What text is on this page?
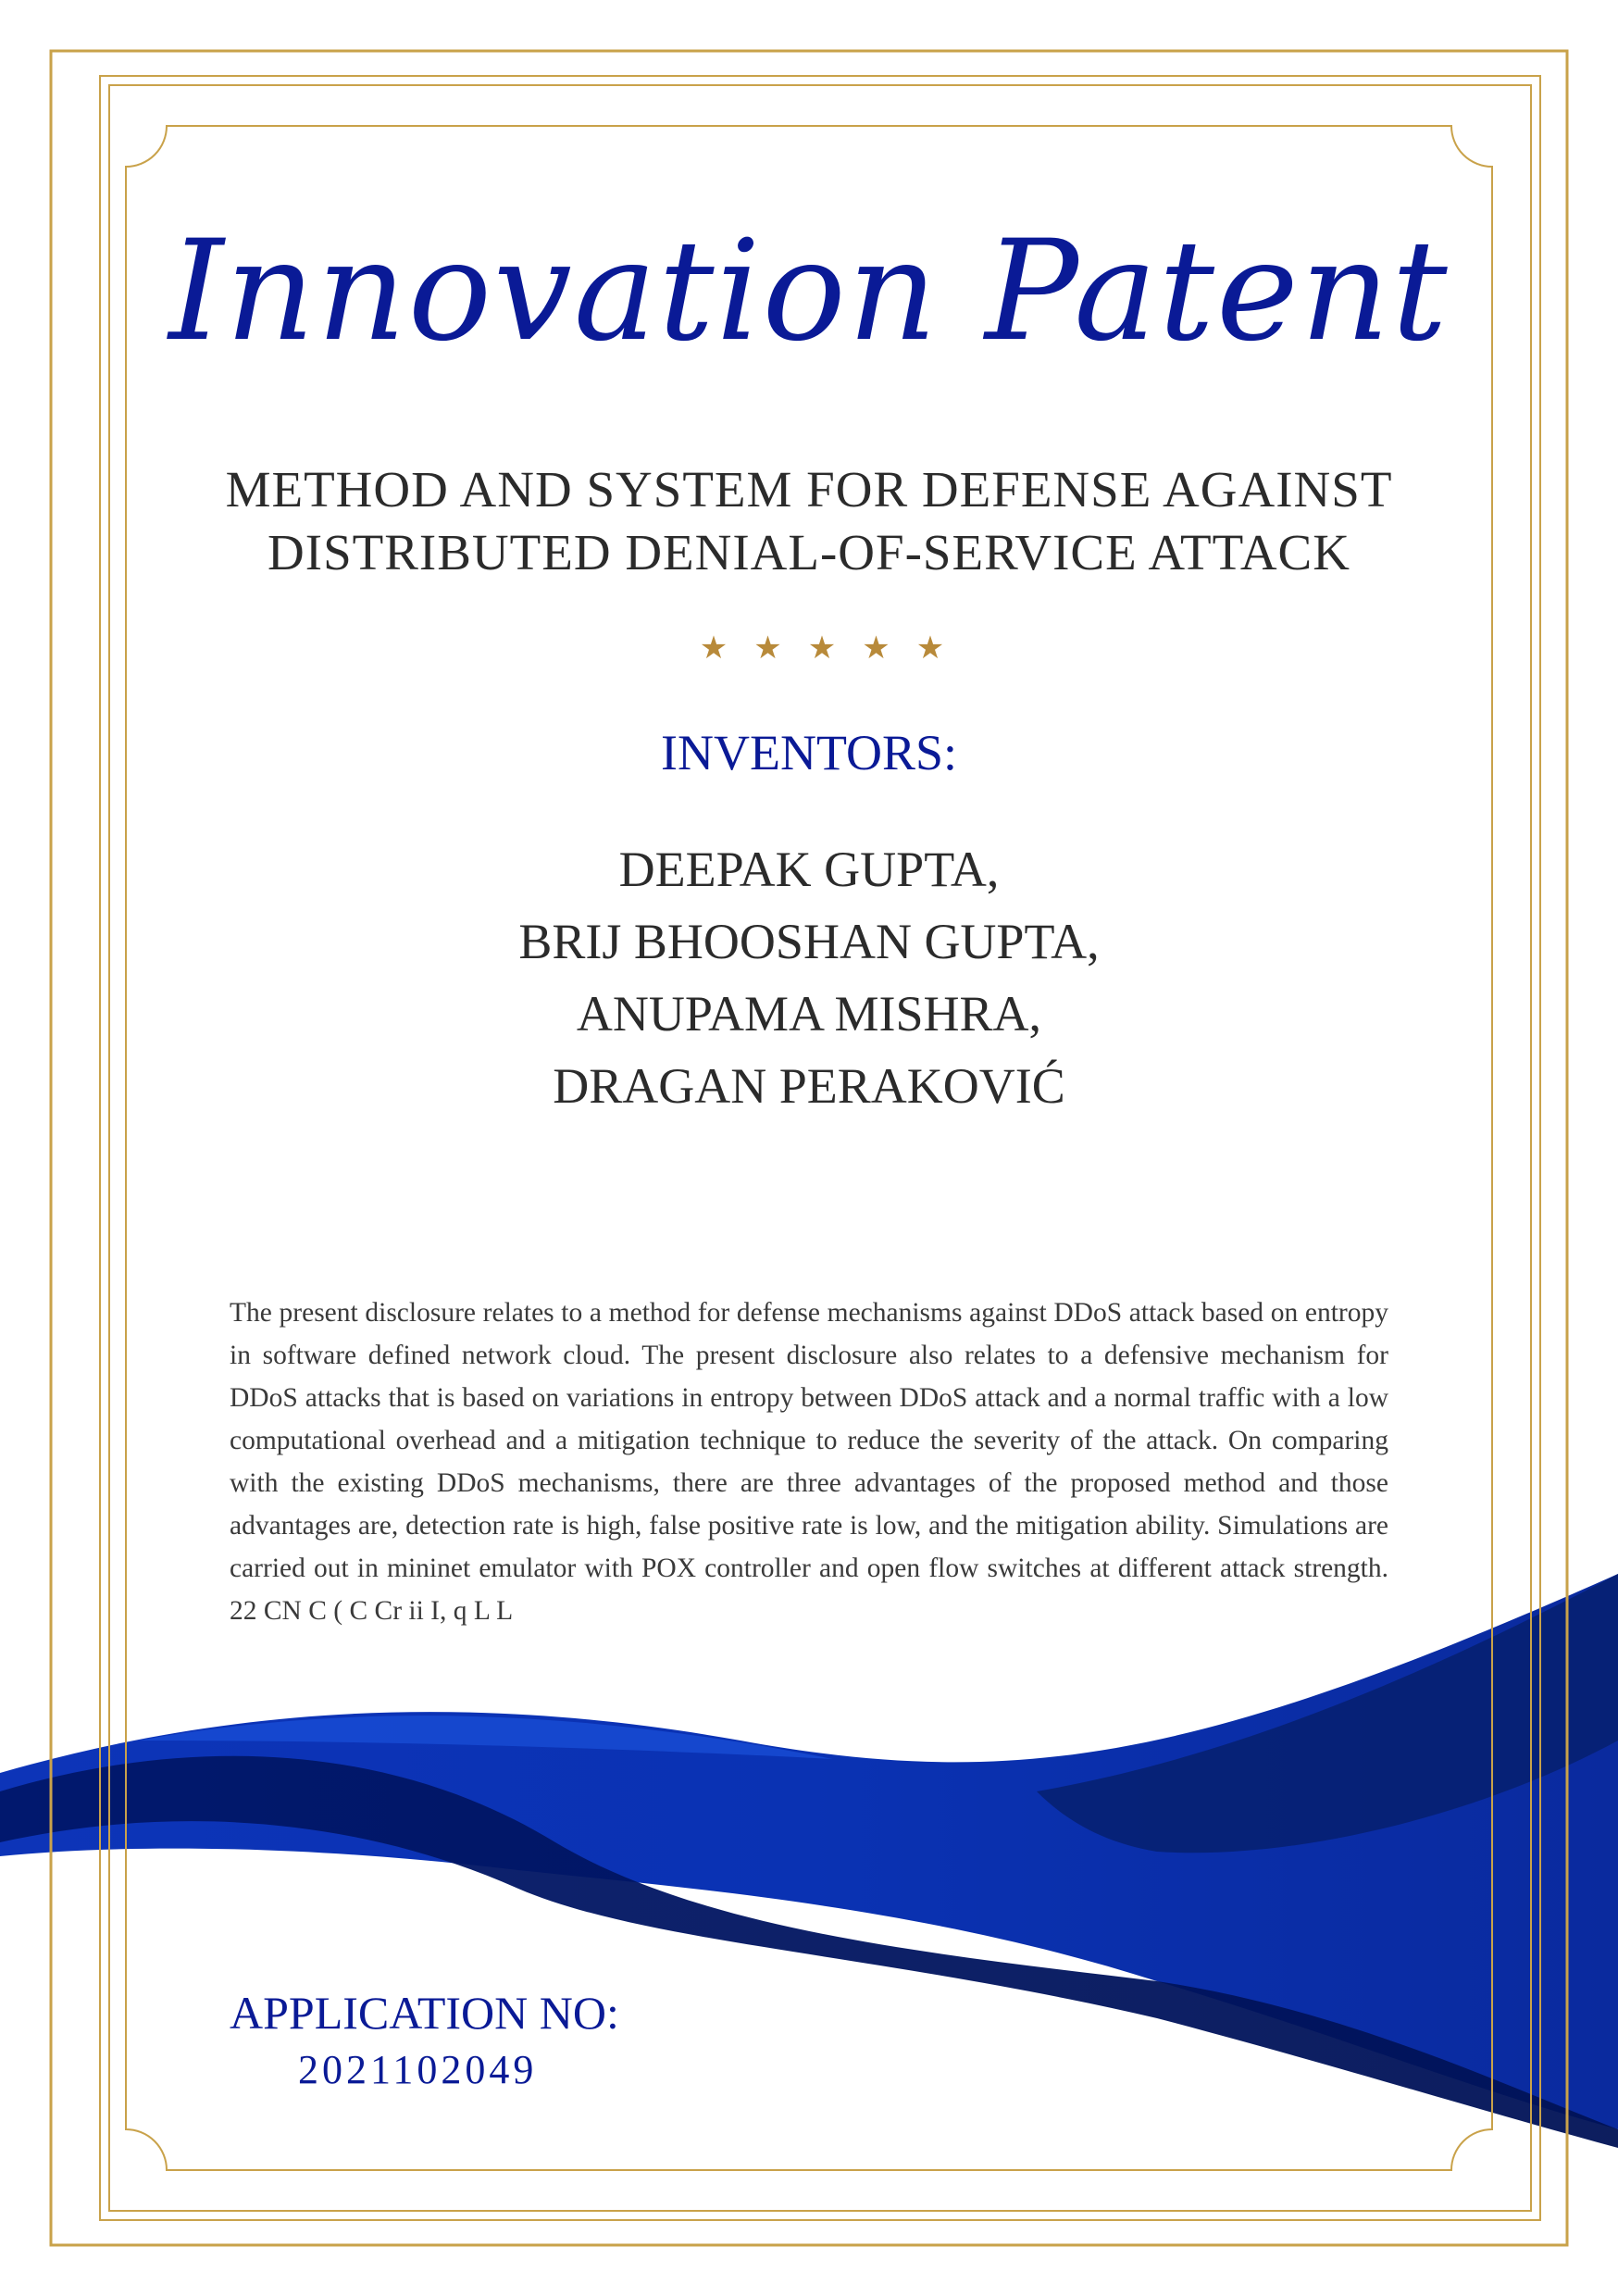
Innovation Patent
METHOD AND SYSTEM FOR DEFENSE AGAINST
DISTRIBUTED DENIAL-OF-SERVICE ATTACK
★★★★★
INVENTORS:
DEEPAK GUPTA,
BRIJ BHOOSHAN GUPTA,
ANUPAMA MISHRA,
DRAGAN PERAKOVIĆ
The present disclosure relates to a method for defense mechanisms against DDoS attack based on entropy in software defined network cloud. The present disclosure also relates to a defensive mechanism for DDoS attacks that is based on variations in entropy between DDoS attack and a normal traffic with a low computational overhead and a mitigation technique to reduce the severity of the attack. On comparing with the existing DDoS mechanisms, there are three advantages of the proposed method and those advantages are, detection rate is high, false positive rate is low, and the mitigation ability. Simulations are carried out in mininet emulator with POX controller and open flow switches at different attack strength. 22 CN C ( C Cr ii I, q L L
APPLICATION NO:
2021102049
